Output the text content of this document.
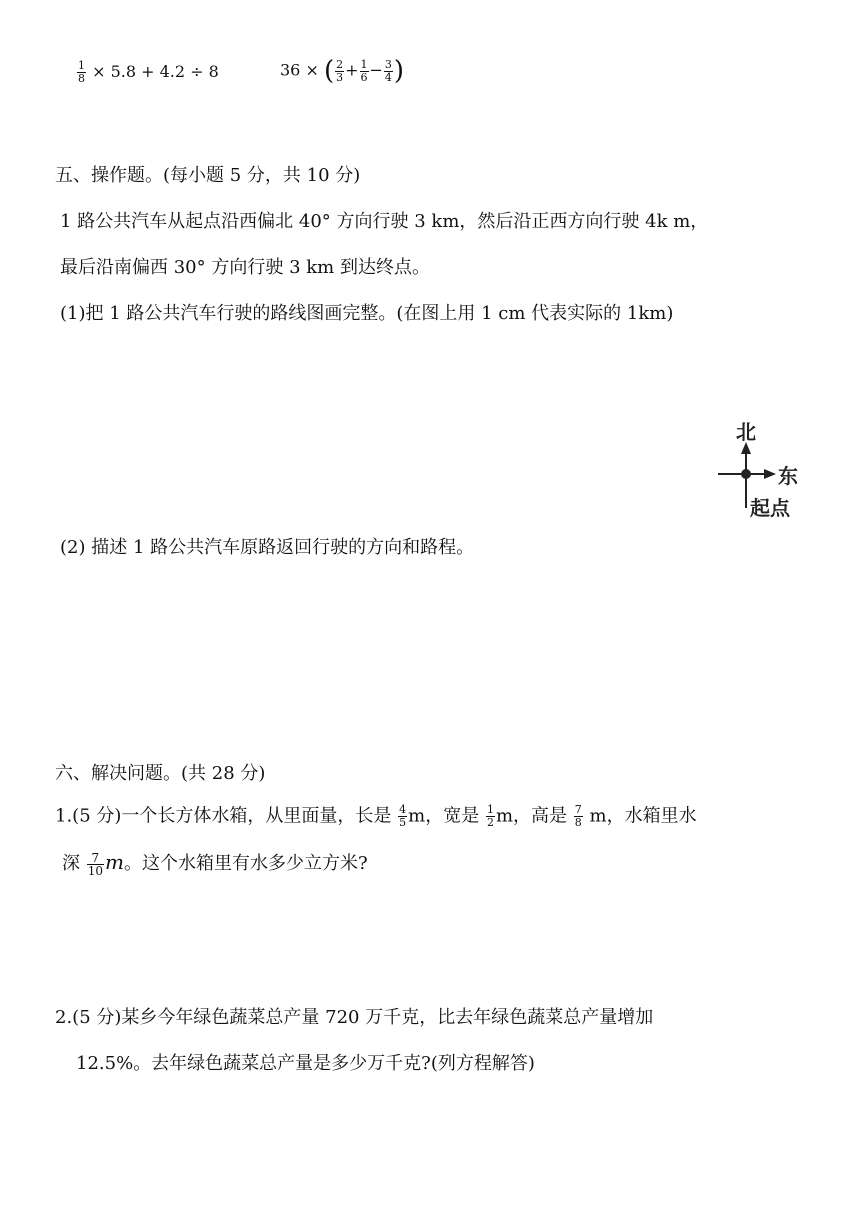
$\frac{1}{8} \times 5.8 + 4.2 \div 8$	36 × ( $\frac{2}{3} + \frac{1}{6} - \frac{3}{4}$ )
五、操作题。(每小题 5 分，共 10 分)
1 路公共汽车从起点沿西偏北 40° 方向行驶 3 km，然后沿正西方向行驶 4k m，
最后沿南偏西 30° 方向行驶 3 km 到达终点。
(1)把 1 路公共汽车行驶的路线图画完整。(在图上用 1 cm 代表实际的 1km)
北
东
起点
(2) 描述 1 路公共汽车原路返回行驶的方向和路程。
六、解决问题。(共 28 分)
1.(5 分)一个长方体水箱，从里面量，长是 $\frac{4}{5}$ m，宽是 $\frac{1}{2}$ m，高是 $\frac{7}{8}$ m，水箱里水
深 $\frac{7}{10}$ m。这个水箱里有水多少立方米?
2.(5 分)某乡今年绿色蔬菜总产量 720 万千克，比去年绿色蔬菜总产量增加
12.5%。去年绿色蔬菜总产量是多少万千克?(列方程解答)
